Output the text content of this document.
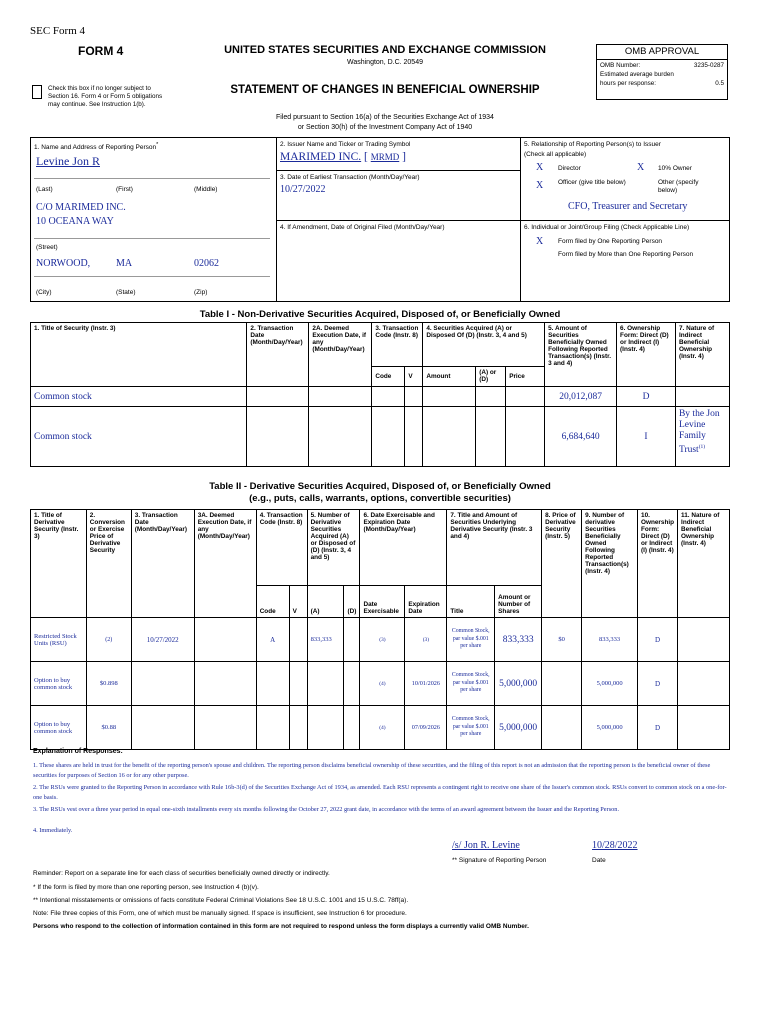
SEC Form 4
FORM 4	UNITED STATES SECURITIES AND EXCHANGE COMMISSION
Washington, D.C. 20549
Check this box if no longer subject to Section 16. Form 4 or Form 5 obligations may continue. See Instruction 1(b).
STATEMENT OF CHANGES IN BENEFICIAL OWNERSHIP
OMB APPROVAL
OMB Number:	3235-0287
Estimated average burden
hours per response:	0.5
Filed pursuant to Section 16(a) of the Securities Exchange Act of 1934
or Section 30(h) of the Investment Company Act of 1940
1. Name and Address of Reporting Person*
Levine Jon R
(Last)	(First)	(Middle)
C/O MARIMED INC.
10 OCEANA WAY
(Street)
NORWOOD,	MA	02062
(City)	(State)	(Zip)
2. Issuer Name and Ticker or Trading Symbol
MARIMED INC. [ MRMD ]
3. Date of Earliest Transaction (Month/Day/Year)
10/27/2022
4. If Amendment, Date of Original Filed (Month/Day/Year)
5. Relationship of Reporting Person(s) to Issuer
(Check all applicable)
X Director	X 10% Owner
X Officer (give title below)	Other (specify below)
CFO, Treasurer and Secretary
6. Individual or Joint/Group Filing (Check Applicable Line)
X Form filed by One Reporting Person
Form filed by More than One Reporting Person
Table I - Non-Derivative Securities Acquired, Disposed of, or Beneficially Owned
1. Title of Security (Instr. 3)	2. Transaction Date (Month/Day/Year)	2A. Deemed Execution Date, if any (Month/Day/Year)	3. Transaction Code (Instr. 8)		4. Securities Acquired (A) or Disposed Of (D) (Instr. 3, 4 and 5)			5. Amount of Securities Beneficially Owned Following Reported Transaction(s) (Instr. 3 and 4)	6. Ownership Form: Direct (D) or Indirect (I) (Instr. 4)	7. Nature of Indirect Beneficial Ownership (Instr. 4)
			Code	V	Amount	(A) or (D)	Price			
Common stock								20,012,087	D	
Common stock								6,684,640	I	By the Jon Levine Family Trust$^{(1)}$
Table II - Derivative Securities Acquired, Disposed of, or Beneficially Owned
(e.g., puts, calls, warrants, options, convertible securities)
1. Title of Derivative Security (Instr. 3)	2. Conversion or Exercise Price of Derivative Security	3. Transaction Date (Month/Day/Year)	3A. Deemed Execution Date, if any (Month/Day/Year)	4. Transaction Code (Instr. 8)		5. Number of Derivative Securities Acquired (A) or Disposed of (D) (Instr. 3, 4 and 5)		6. Date Exercisable and Expiration Date (Month/Day/Year)		7. Title and Amount of Securities Underlying Derivative Security (Instr. 3 and 4)		8. Price of Derivative Security (Instr. 5)	9. Number of derivative Securities Beneficially Owned Following Reported Transaction(s) (Instr. 4)	10. Ownership Form: Direct (D) or Indirect (I) (Instr. 4)	11. Nature of Indirect Beneficial Ownership (Instr. 4)
				Code	V	(A)	(D)	Date Exercisable	Expiration Date	Title	Amount or Number of Shares				
Restricted Stock Units (RSU)	(2)	10/27/2022		A		833,333		(3)	(3)	Common Stock, par value $.001 per share	833,333	$0	833,333	D	
Option to buy common stock	$0.898							(4)	10/01/2026	Common Stock, par value $.001 per share	5,000,000		5,000,000	D	
Option to buy common stock	$0.88							(4)	07/09/2026	Common Stock, par value $.001 per share	5,000,000		5,000,000	D	
Explanation of Responses:
1. These shares are held in trust for the benefit of the reporting person's spouse and children. The reporting person disclaims beneficial ownership of these securities, and the filing of this report is not an admission that the reporting person is the beneficial owner of these securities for purposes of Section 16 or for any other purpose.
2. The RSUs were granted to the Reporting Person in accordance with Rule 16b-3(d) of the Securities Exchange Act of 1934, as amended. Each RSU represents a contingent right to receive one share of the Issuer's common stock. RSUs convert to common stock on a one-for-one basis.
3. The RSUs vest over a three year period in equal one-sixth installments every six months following the October 27, 2022 grant date, in accordance with the terms of an award agreement between the Issuer and the Reporting Person.
4. Immediately.
/s/ Jon R. Levine	10/28/2022
** Signature of Reporting Person	Date
Reminder: Report on a separate line for each class of securities beneficially owned directly or indirectly.
* If the form is filed by more than one reporting person, see Instruction 4 (b)(v).
** Intentional misstatements or omissions of facts constitute Federal Criminal Violations See 18 U.S.C. 1001 and 15 U.S.C. 78ff(a).
Note: File three copies of this Form, one of which must be manually signed. If space is insufficient, see Instruction 6 for procedure.
Persons who respond to the collection of information contained in this form are not required to respond unless the form displays a currently valid OMB Number.
